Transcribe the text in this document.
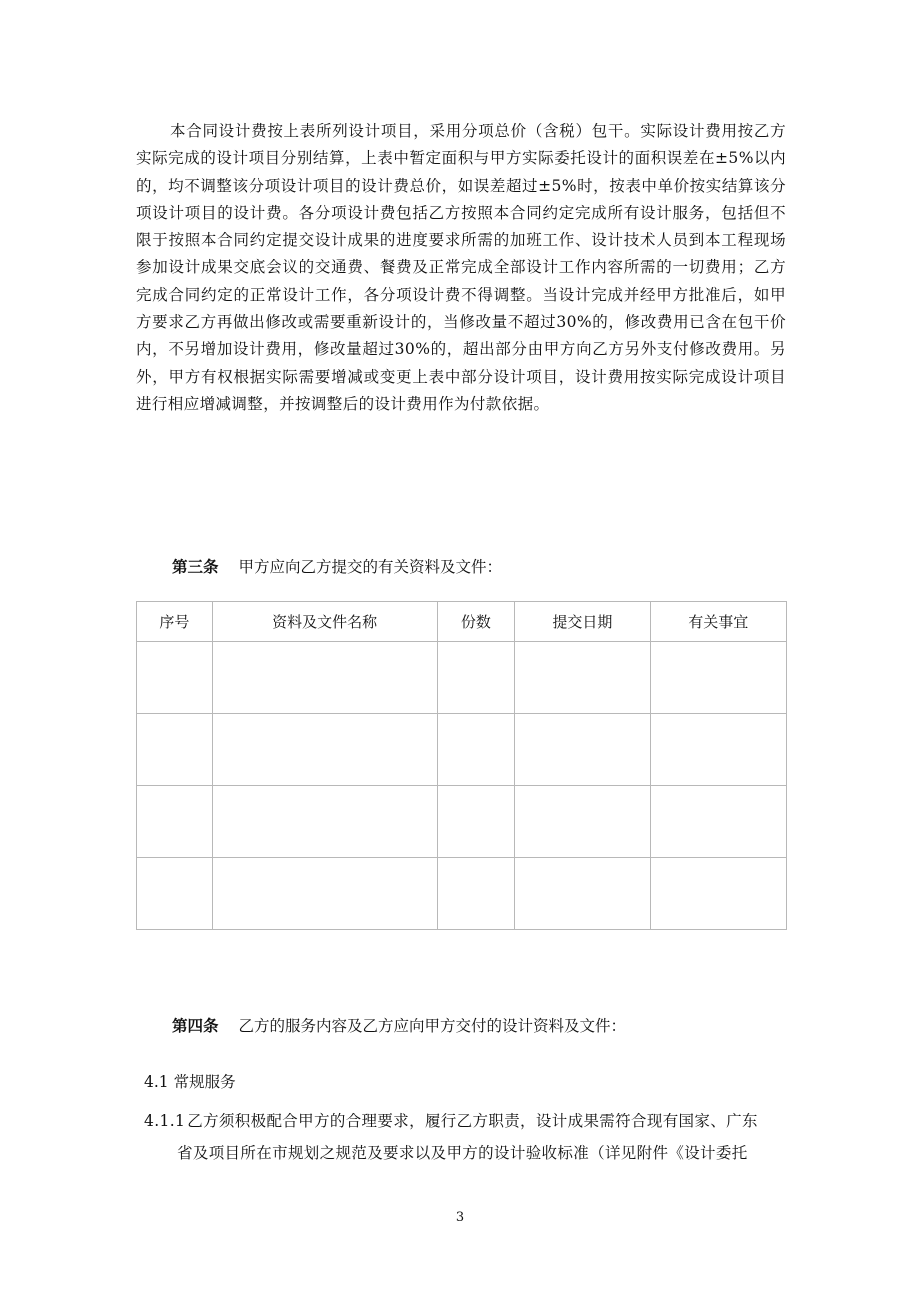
本合同设计费按上表所列设计项目，采用分项总价（含税）包干。实际设计费用按乙方实际完成的设计项目分别结算，上表中暂定面积与甲方实际委托设计的面积误差在±5%以内的，均不调整该分项设计项目的设计费总价，如误差超过±5%时，按表中单价按实结算该分项设计项目的设计费。各分项设计费包括乙方按照本合同约定完成所有设计服务，包括但不限于按照本合同约定提交设计成果的进度要求所需的加班工作、设计技术人员到本工程现场参加设计成果交底会议的交通费、餐费及正常完成全部设计工作内容所需的一切费用；乙方完成合同约定的正常设计工作，各分项设计费不得调整。当设计完成并经甲方批准后，如甲方要求乙方再做出修改或需要重新设计的，当修改量不超过30%的，修改费用已含在包干价内，不另增加设计费用，修改量超过30%的，超出部分由甲方向乙方另外支付修改费用。另外，甲方有权根据实际需要增减或变更上表中部分设计项目，设计费用按实际完成设计项目进行相应增减调整，并按调整后的设计费用作为付款依据。

第三条 甲方应向乙方提交的有关资料及文件：
序号	资料及文件名称	份数	提交日期	有关事宜

第四条 乙方的服务内容及乙方应向甲方交付的设计资料及文件：
4.1 常规服务
4.1.1 乙方须积极配合甲方的合理要求，履行乙方职责，设计成果需符合现有国家、广东
省及项目所在市规划之规范及要求以及甲方的设计验收标准（详见附件《设计委托
3
